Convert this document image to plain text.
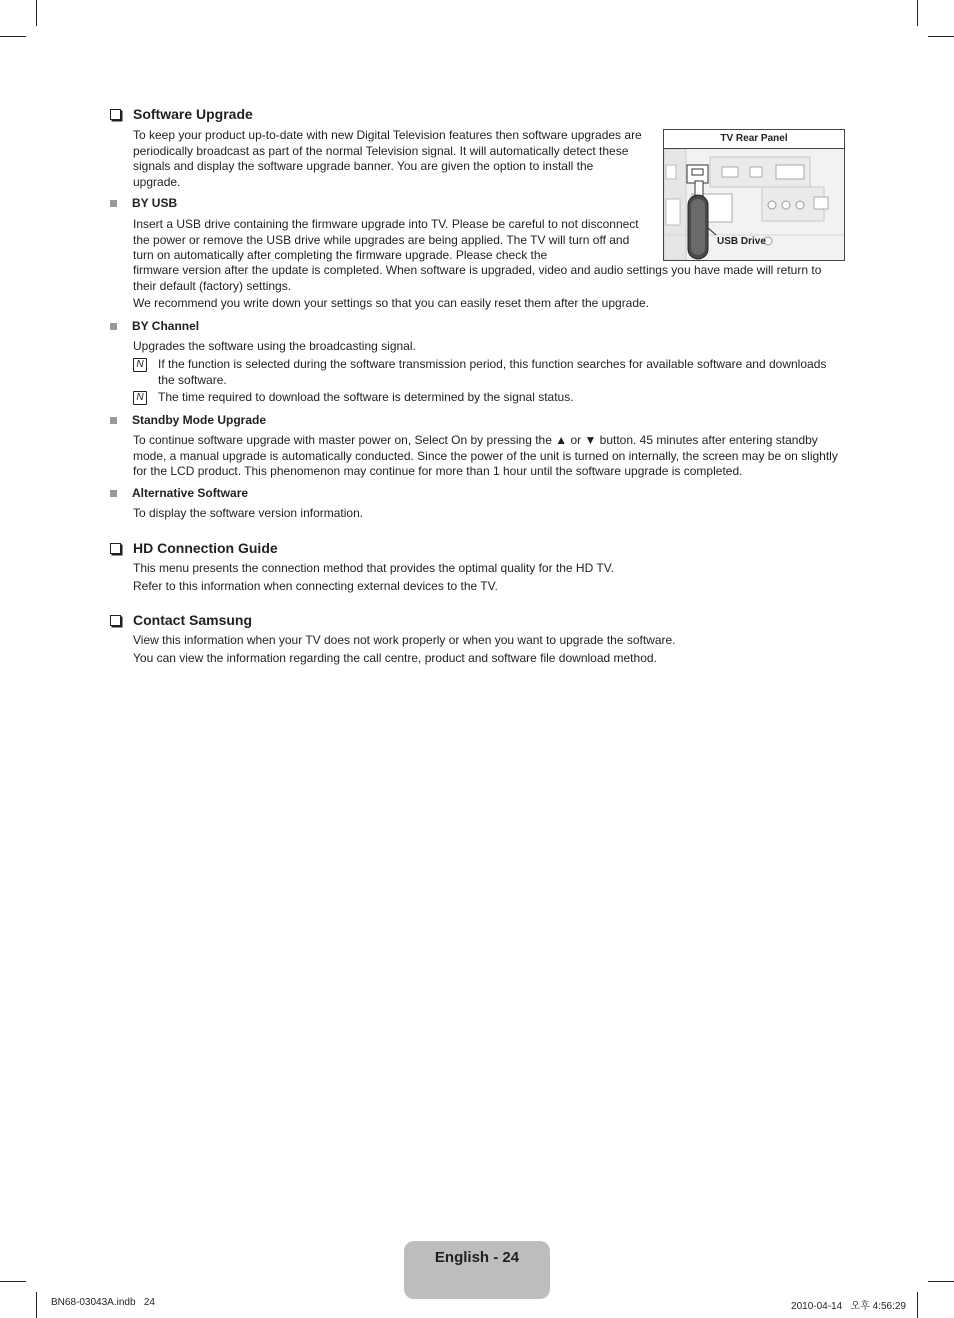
Software Upgrade

To keep your product up-to-date with new Digital Television features then software upgrades are periodically broadcast as part of the normal Television signal. It will automatically detect these signals and display the software upgrade banner. You are given the option to install the upgrade.

BY USB

Insert a USB drive containing the firmware upgrade into TV. Please be careful to not disconnect the power or remove the USB drive while upgrades are being applied. The TV will turn off and turn on automatically after completing the firmware upgrade. Please check the

firmware version after the update is completed. When software is upgraded, video and audio settings you have made will return to their default (factory) settings.

We recommend you write down your settings so that you can easily reset them after the upgrade.

TV Rear Panel
USB Drive
BY Channel

Upgrades the software using the broadcasting signal.

N If the function is selected during the software transmission period, this function searches for available software and downloads the software.
N The time required to download the software is determined by the signal status.
Standby Mode Upgrade

To continue software upgrade with master power on, Select On by pressing the ▲ or ▼ button. 45 minutes after entering standby mode, a manual upgrade is automatically conducted. Since the power of the unit is turned on internally, the screen may be on slightly for the LCD product. This phenomenon may continue for more than 1 hour until the software upgrade is completed.

Alternative Software

To display the software version information.

HD Connection Guide

This menu presents the connection method that provides the optimal quality for the HD TV.

Refer to this information when connecting external devices to the TV.

Contact Samsung

View this information when your TV does not work properly or when you want to upgrade the software.

You can view the information regarding the call centre, product and software file download method.

English - 24
BN68-03043A.indb   24	2010-04-14   오후 4:56:29
